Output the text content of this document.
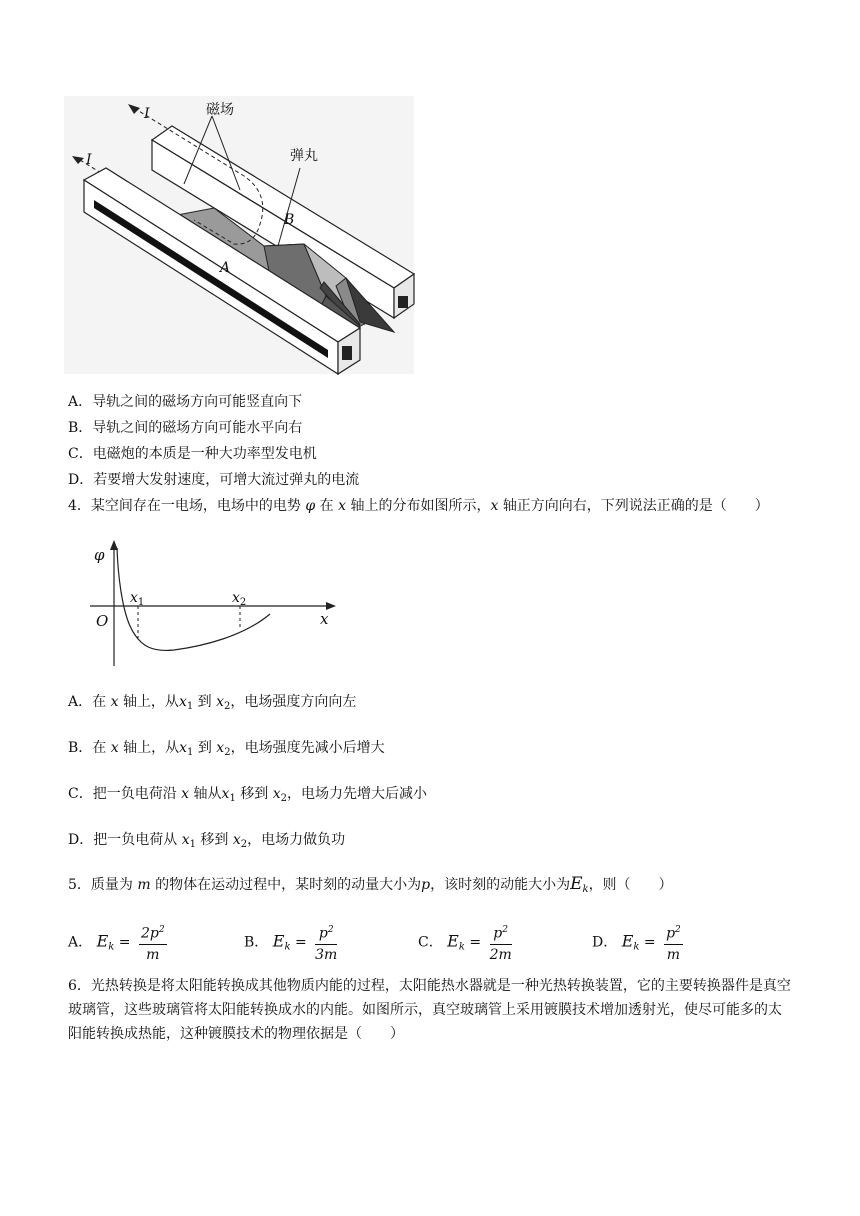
磁场
弹丸
I
I
A
B
A．导轨之间的磁场方向可能竖直向下
B．导轨之间的磁场方向可能水平向右
C．电磁炮的本质是一种大功率型发电机
D．若要增大发射速度，可增大流过弹丸的电流
4．某空间存在一电场，电场中的电势 φ 在 x 轴上的分布如图所示，x 轴正方向向右，下列说法正确的是（　　）
φ
x
O
$x_1$	$x_2$
A．在 x 轴上，从$x_1$ 到 $x_2$，电场强度方向向左
B．在 x 轴上，从$x_1$ 到 $x_2$，电场强度先减小后增大
C．把一负电荷沿 x 轴从$x_1$ 移到 $x_2$，电场力先增大后减小
D．把一负电荷从 $x_1$ 移到 $x_2$，电场力做负功
5．质量为 m 的物体在运动过程中，某时刻的动量大小为p，该时刻的动能大小为$E_k$，则（　　）
A． $E_k = \frac{2p^2}{m}$	B． $E_k = \frac{p^2}{3m}$	C． $E_k = \frac{p^2}{2m}$	D． $E_k = \frac{p^2}{m}$
6．光热转换是将太阳能转换成其他物质内能的过程，太阳能热水器就是一种光热转换装置，它的主要转换器件是真空玻璃管，这些玻璃管将太阳能转换成水的内能。如图所示，真空玻璃管上采用镀膜技术增加透射光，使尽可能多的太阳能转换成热能，这种镀膜技术的物理依据是（　　）
